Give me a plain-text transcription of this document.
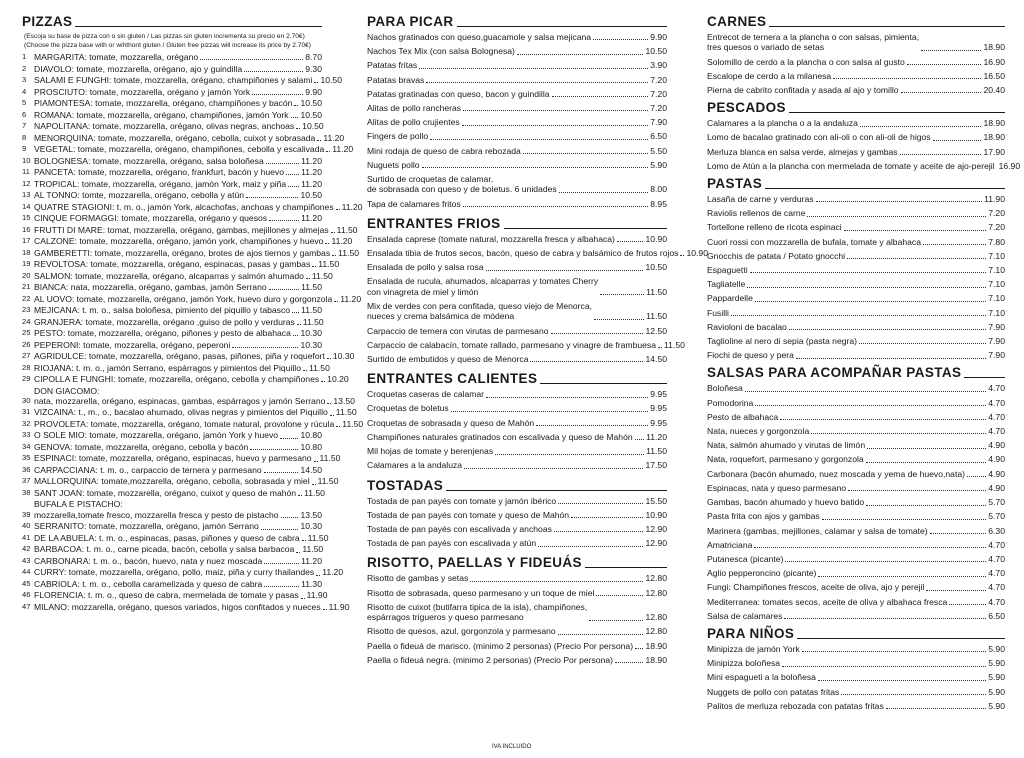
PIZZAS
(Escoja su base de pizza con o sin gluten / Las pizzas sin gluten incrementa su precio en 2.70€)
(Choose the pizza base with or wihthont gluten / Gluten free pizzas will increase its price by 2.70€)
1 MARGARITA: tomate, mozzarella, orégano	8.70
2 DIAVOLO: tomate, mozzarella, orégano, ajo y guindilla	9.30
3 SALAMI E FUNGHI: tomate, mozzarella, orégano, champiñones y salami 10.50
4 PROSCIUTO: tomate, mozzarella, orégano y jamón York	9.90
5 PIAMONTESA: tomate, mozzarella, orégano, champiñones y bacón 10.50
6 ROMANA: tomate, mozzarella, orégano, champiñones, jamón York 10.50
7 NAPOLITANA: tomate, mozzarella, orégano, olivas negras, anchoas 10.50
8 MENORQUINA: tomate, mozzarella, orégano, cebolla, cuixot y sobrasada 11.20
9 VEGETAL: tomate, mozzarella, orégano, champiñones, cebolla y escalivada 11.20
10 BOLOGNESA: tomate, mozzarella, orégano, salsa boloñesa	11.20
11 PANCETA: tomate, mozzarella, orégano, frankfurt, bacón y huevo 11.20
12 TROPICAL: tomate, mozzarella, orégano, jamón York, maiz y piña 11.20
13 AL TONNO: tomte, mozzarella, orégano, cebolla y atún	10.50
14 QUATRE STAGIONI: t. m. o., jamón York, alcachofas, anchoas y champiñones 11.20
15 CINQUE FORMAGGI: tomate, mozzarella, orégano y quesos	11.20
16 FRUTTI DI MARE: tomat, mozzarella, orégano, gambas, mejillones y almejas 11.50
17 CALZONE: tomate, mozzarella, orégano, jamón york, champiñones y huevo 11.20
18 GAMBERETTI: tomate, mozzarella, orégano, brotes de ajos tiernos y gambas 11.50
19 REVOLTOSA: tomate, mozzarella, orégano, espinacas, pasas y gambas 11.50
20 SALMON: tomate, mozzarella, orégano, alcaparras y salmón ahumado 11.50
21 BIANCA: nata, mozzarella, orégano, gambas, jamón Serrano	11.50
22 AL UOVO: tomate, mozzarella, orégano, jamón York, huevo duro y gorgonzola 11.20
23 MEJICANA: t. m. o., salsa boloñesa, pimiento del piquillo y tabasco 11.50
24 GRANJERA: tomate, mozzarella, orégano ,guiso de pollo y verduras 11.50
25 PESTO: tomate, mozzarella, orégano, piñones y pesto de albahaca 10.30
26 PEPERONI: tomate, mozzarella, orégano, peperoni	10.30
27 AGRIDULCE: tomate, mozzarella, orégano, pasas, piñones, piña y roquefort 10.30
28 RIOJANA: t. m. o., jamón Serrano, espárragos y pimientos del Piquillo 11.50
29 CIPOLLA E FUNGHI: tomate, mozzarella, orégano, cebolla y champiñones 10.20
30
DON GIACOMO:
nata, mozzarella, orégano, espinacas, gambas, espárragos y jamón Serrano 13.50
31 VIZCAINA: t., m., o., bacalao ahumado, olivas negras y pimientos del Piquillo 11.50
32 PROVOLETA: tomate, mozzarella, orégano, tomate natural, provolone y rúcula 11.50
33 O SOLE MIO: tomate, mozzarella, orégano, jamón York y huevo	10.80
34 GENOVA: tomate, mozzarella, orégano, cebolla y bacón	10.80
35 ESPINACI: tomate, mozzarella, orégano, espinacas, huevo y parmesano 11.50
36 CARPACCIANA: t. m. o., carpaccio de ternera y parmesano	14.50
37 MALLORQUINA: tomate,mozzarella, orégano, cebolla, sobrasada y miel 11.50
38 SANT JOAN: tomate, mozzarella, orégano, cuixot y queso de mahón 11.50
39
BUFALA E PISTACHO:
mozzarella,tomate fresco, mozzarella fresca y pesto de pistacho	13.50
40 SERRANITO: tomate, mozzarella, orégano, jamón Serrano	10.30
41 DE LA ABUELA: t. m. o., espinacas, pasas, piñones y queso de cabra 11.50
42 BARBACOA: t. m. o., carne picada, bacón, cebolla y salsa barbacoa 11.50
43 CARBONARA: t. m. o., bacón, huevo, nata y nuez moscada	11.20
44 CURRY: tomate, mozzarella, orégano, pollo, maiz, piña y curry thailandes 11.20
45 CABRIOLA: t. m. o., cebolla caramelizada y queso de cabra	11.30
46 FLORENCIA: t. m. o., queso de cabra, mermelada de tomate y pasas 11.90
47 MILANO: mozzarella, orégano, quesos variados, higos confitados y nueces 11.90
PARA PICAR
Nachos gratinados con queso,guacamole y salsa mejicana	9.90
Nachos Tex Mix (con salsa Bolognesa)	10.50
Patatas fritas	3.90
Patatas bravas	7.20
Patatas gratinadas con queso, bacon y guindilla	7.20
Alitas de pollo rancheras	7.20
Alitas de pollo crujientes	7.90
Fingers de pollo	6.50
Mini rodaja de queso de cabra rebozada	5.50
Nuguets pollo	5.90
Surtido de croquetas de calamar,
de sobrasada con queso y de boletus. 6 unidades	8.00
Tapa de calamares fritos	8.95
ENTRANTES FRIOS
Ensalada caprese (tomate natural, mozzarella fresca y albahaca)	10.90
Ensalada tibia de frutos secos, bacón, queso de cabra y balsámico de frutos rojos 10.90
Ensalada de pollo y salsa rosa	10.50
Ensalada de rucula, ahumados, alcaparras y tomates Cherry
con vinagreta de miel y limón	11.50
Mix de verdes con pera confitada, queso viejo de Menorca,
nueces y crema balsámica de módena	11.50
Carpaccio de ternera con virutas de parmesano	12.50
Carpaccio de calabacín, tomate rallado, parmesano y vinagre de frambuesa 11.50
Surtido de embutidos y queso de Menorca	14.50
ENTRANTES CALIENTES
Croquetas caseras de calamar	9.95
Croquetas de boletus	9.95
Croquetas de sobrasada y queso de Mahón	9.95
Champiñones naturales gratinados con escalivada y queso de Mahón 11.20
Mil hojas de tomate y berenjenas	11.50
Calamares a la andaluza	17.50
TOSTADAS
Tostada de pan payés con tomate y jamón ibérico	15.50
Tostada de pan payés con tomate y queso de Mahón	10.90
Tostada de pan payés con escalivada y anchoas	12.90
Tostada de pan payés con escalivada y atún	12.90
RISOTTO, PAELLAS Y FIDEUÁS
Risotto de gambas y setas	12.80
Risotto de sobrasada, queso parmesano y un toque de miel	12.80
Risotto de cuixot (butifarra tipica de la isla), champiñones,
espárragos trigueros y queso parmesano	12.80
Risotto de quesos, azul, gorgonzola y parmesano	12.80
Paella o fideuá de marisco. (minimo 2 personas) (Precio Por persona) 18.90
Paella o fideuá negra. (minimo 2 personas) (Precio Por persona)	18.90
CARNES
Entrecot de ternera a la plancha o con salsas, pimienta,
tres quesos o variado de setas	18.90
Solomillo de cerdo a la plancha o con salsa al gusto	16.90
Escalope de cerdo a la milanesa	16.50
Pierna de cabrito confitada y asada al ajo y tomillo	20.40
PESCADOS
Calamares a la plancha o a la andaluza	18.90
Lomo de bacalao gratinado con ali-oli o con ali-oli de higos	18.90
Merluza blanca en salsa verde, almejas y gambas	17.90
Lomo de Atún a la plancha con mermelada de tomate y aceite de ajo-perejil 16.90
PASTAS
Lasaña de carne y verduras	11.90
Raviolis rellenos de carne	7.20
Tortellone relleno de ricota espinaci	7.20
Cuori rossi con mozzarella de bufala, tomate y albahaca	7.80
Gnocchis de patata / Potato gnocchi	7.10
Espaguetti	7.10
Tagliatelle	7.10
Pappardelle	7.10
Fusilli	7.10
Ravioloni de bacalao	7.90
Taglioline al nero di sepia (pasta negra)	7.90
Fiochi de queso y pera	7.90
SALSAS PARA ACOMPAÑAR PASTAS
Boloñesa	4.70
Pomodorina	4.70
Pesto de albahaca	4.70
Nata, nueces y gorgonzola	4.70
Nata, salmón ahumado y virutas de limón	4.90
Nata, roquefort, parmesano y gorgonzola	4.90
Carbonara (bacón ahumado, nuez moscada y yema de huevo,nata)	4.90
Espinacas, nata y queso parmesano	4.90
Gambas, bacón ahumado y huevo batido	5.70
Pasta frita con ajos y gambas	5.70
Marinera (gambas, mejillones, calamar y salsa de tomate)	6.30
Amatriciana	4.70
Putanesca (picante)	4.70
Aglio pepperoncino (picante)	4.70
Fungi: Champiñones frescos, aceite de oliva, ajo y perejil	4.70
Mediterranea: tomates secos, aceite de oliva y albahaca fresca	4.70
Salsa de calamares	6.50
PARA NIÑOS
Minipizza de jamón York	5.90
Minipizza boloñesa	5.90
Mini espagueti a la boloñesa	5.90
Nuggets de pollo con patatas fritas	5.90
Palitos de merluza rebozada con patatas fritas	5.90
IVA INCLUIDO
